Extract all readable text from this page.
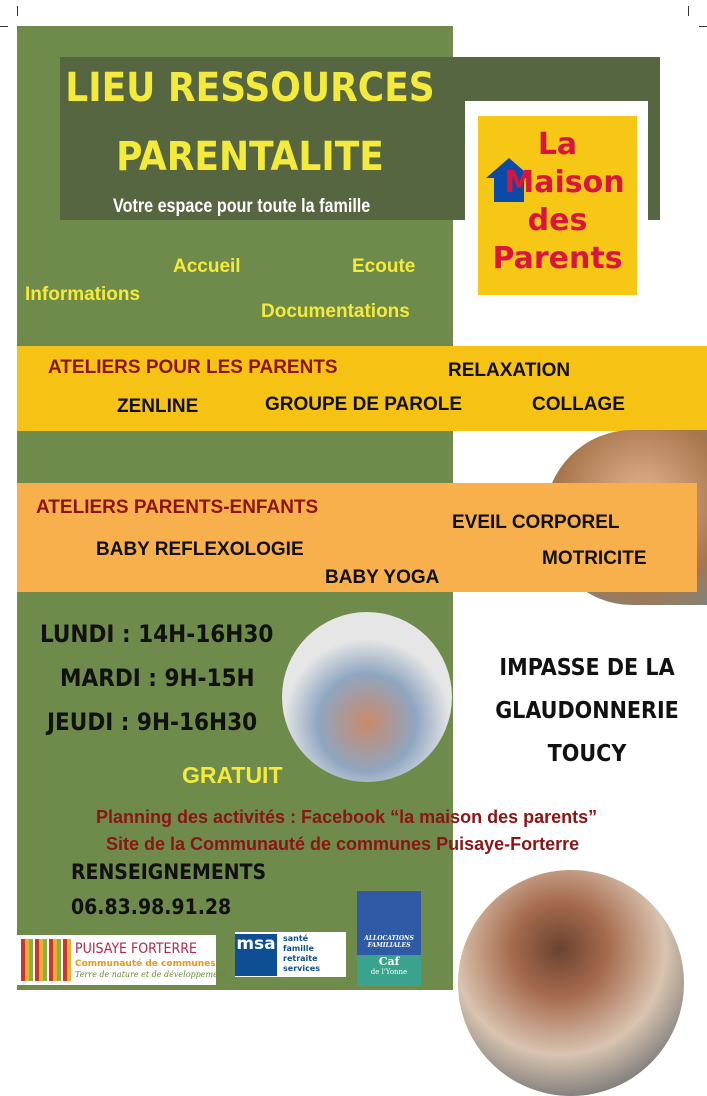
LIEU RESSOURCES
PARENTALITE
Votre espace pour toute la famille
La
Maison
des
Parents
Accueil	Ecoute
Informations
Documentations
ATELIERS POUR LES PARENTS	RELAXATION
ZENLINE	GROUPE DE PAROLE	COLLAGE
ATELIERS PARENTS-ENFANTS
EVEIL CORPOREL
BABY REFLEXOLOGIE	MOTRICITE
BABY YOGA
LUNDI : 14H-16H30
MARDI : 9H-15H
JEUDI : 9H-16H30
GRATUIT
IMPASSE DE LA
GLAUDONNERIE
TOUCY
Planning des activités : Facebook “la maison des parents”
Site de la Communauté de communes Puisaye-Forterre
RENSEIGNEMENTS
06.83.98.91.28
PUISAYE FORTERRE
Communauté de communes
Terre de nature et de développement
msa santé
famille
retraite
services
ALLOCATIONS FAMILIALES
Caf
de l'Yonne
